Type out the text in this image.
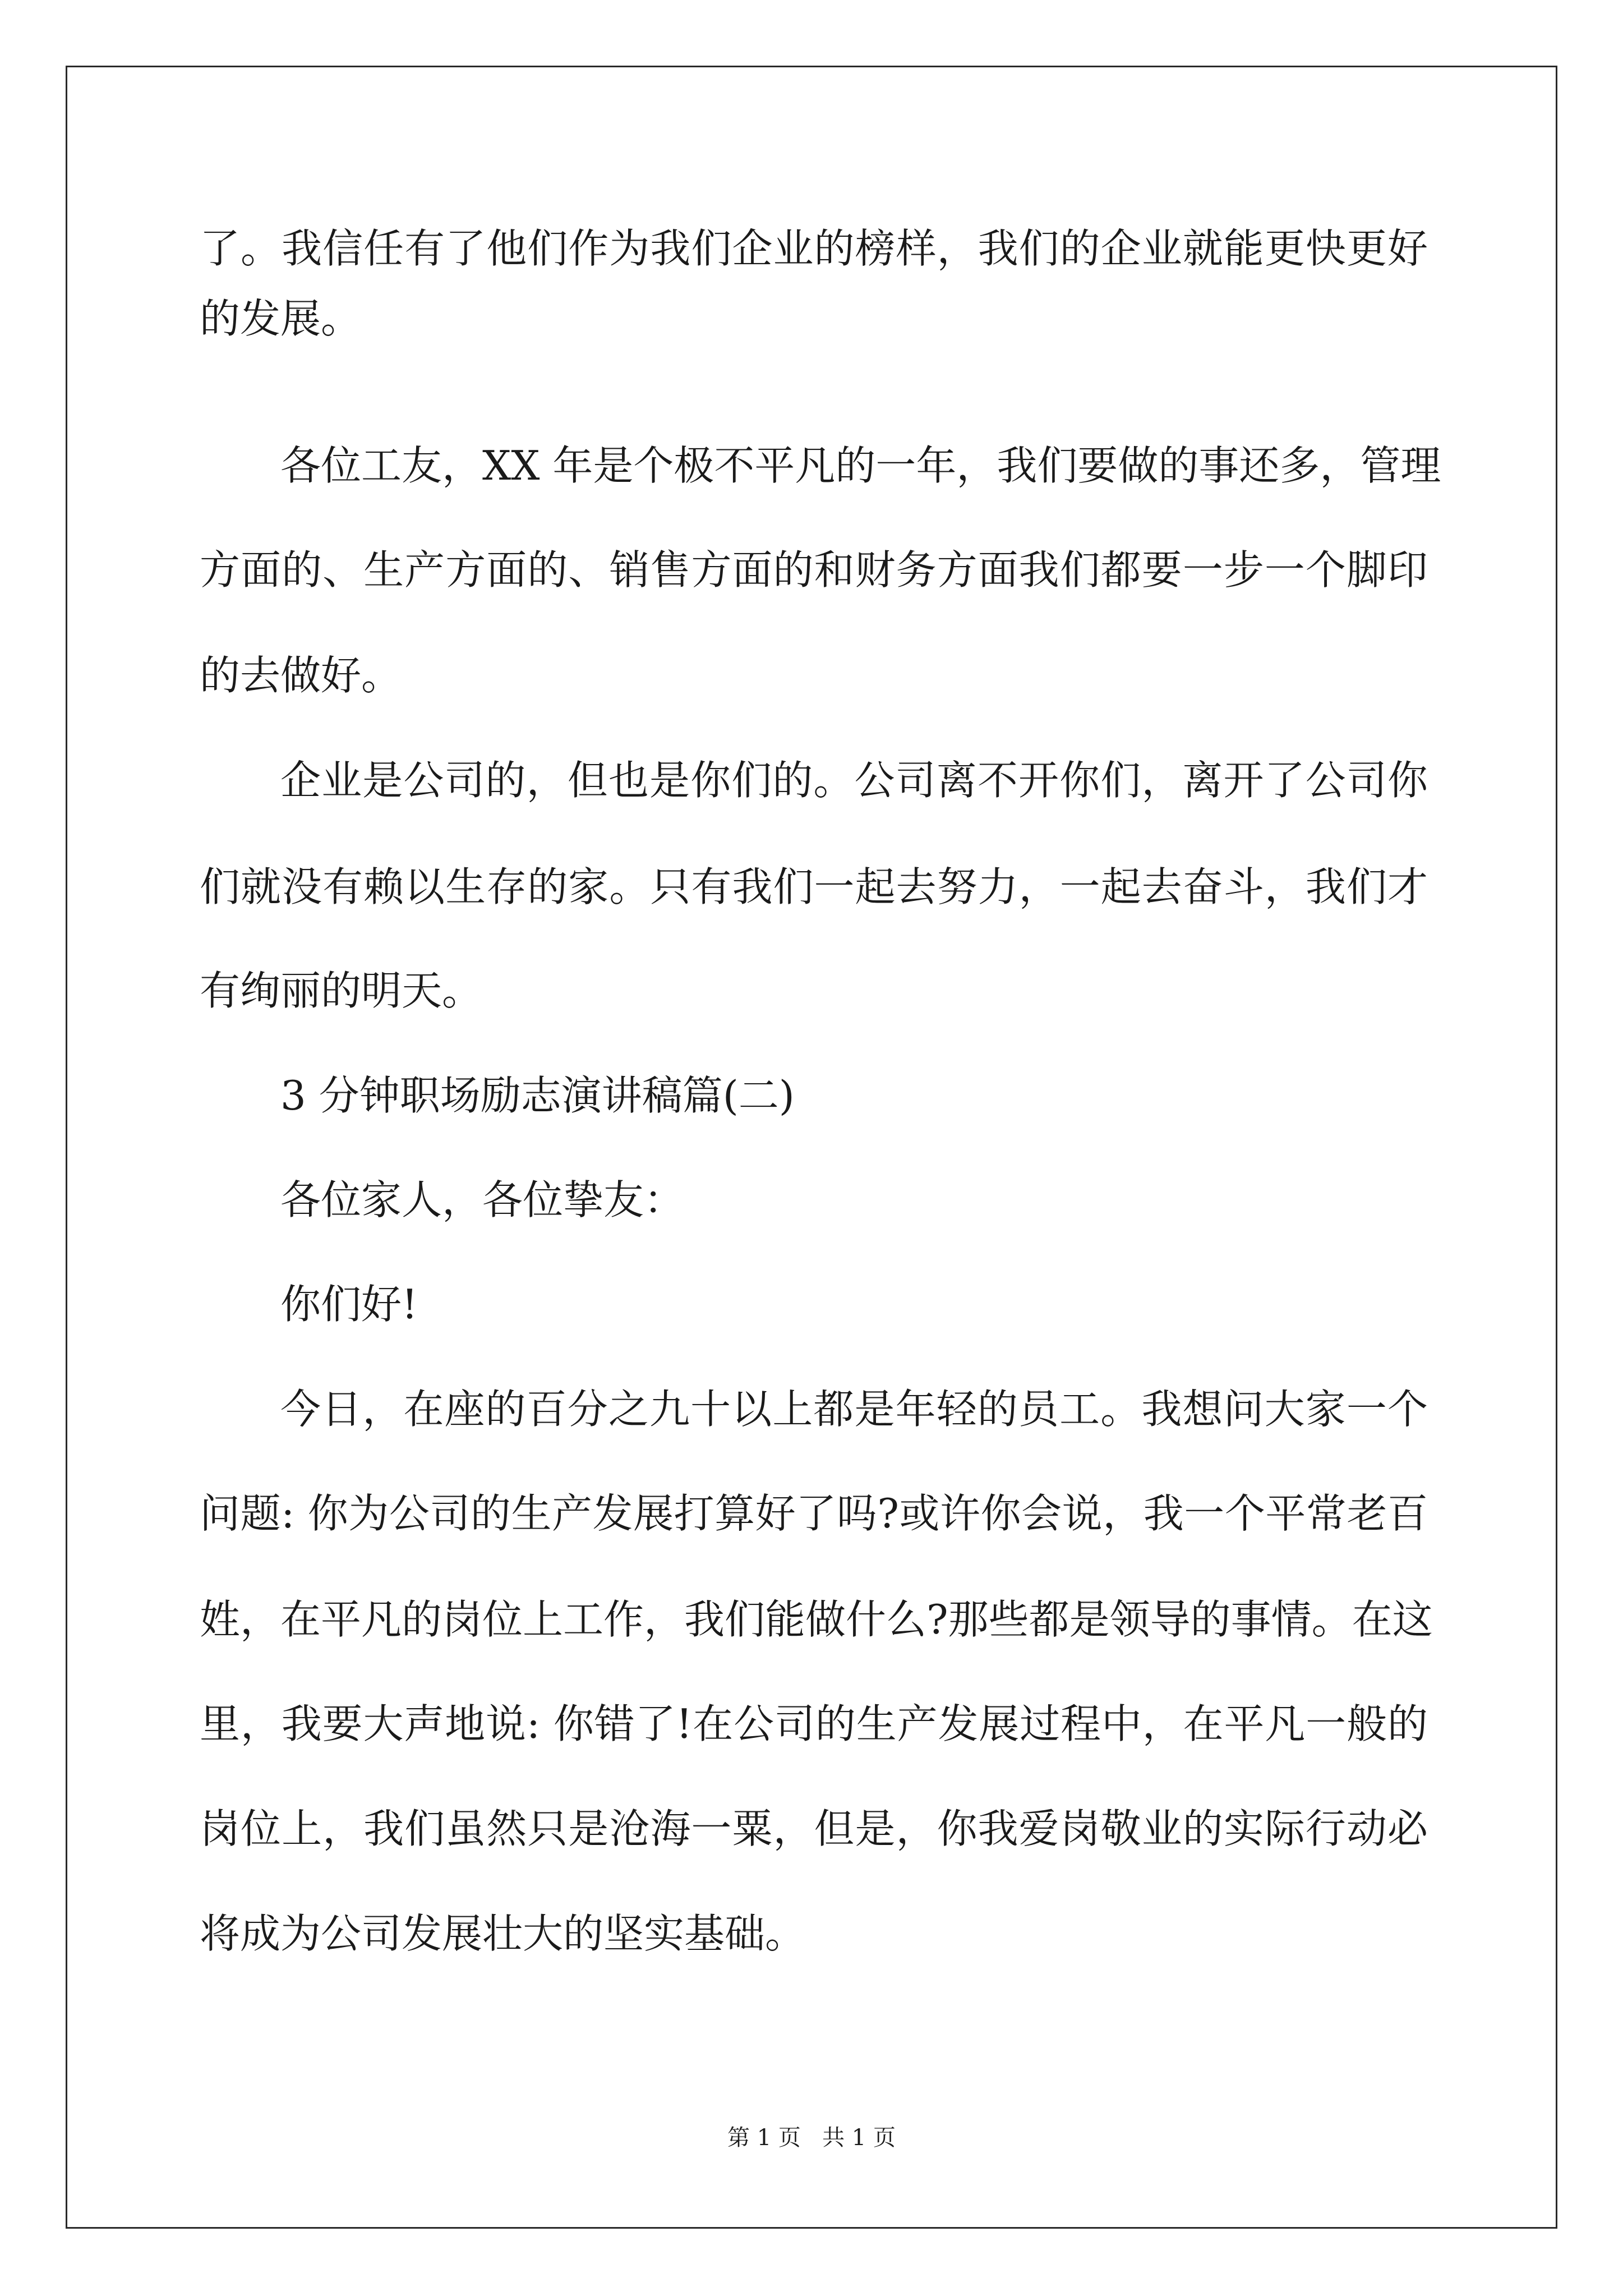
了。我信任有了他们作为我们企业的榜样，我们的企业就能更快更好
的发展。
各位工友，XX 年是个极不平凡的一年，我们要做的事还多，管理
方面的、生产方面的、销售方面的和财务方面我们都要一步一个脚印
的去做好。
企业是公司的，但也是你们的。公司离不开你们，离开了公司你
们就没有赖以生存的家。只有我们一起去努力，一起去奋斗，我们才
有绚丽的明天。
3 分钟职场励志演讲稿篇(二)
各位家人，各位挚友：
你们好!
今日，在座的百分之九十以上都是年轻的员工。我想问大家一个
问题: 你为公司的生产发展打算好了吗?或许你会说，我一个平常老百
姓，在平凡的岗位上工作，我们能做什么?那些都是领导的事情。在这
里，我要大声地说: 你错了!在公司的生产发展过程中，在平凡一般的
岗位上，我们虽然只是沧海一粟，但是，你我爱岗敬业的实际行动必
将成为公司发展壮大的坚实基础。
第 1 页   共 1 页
